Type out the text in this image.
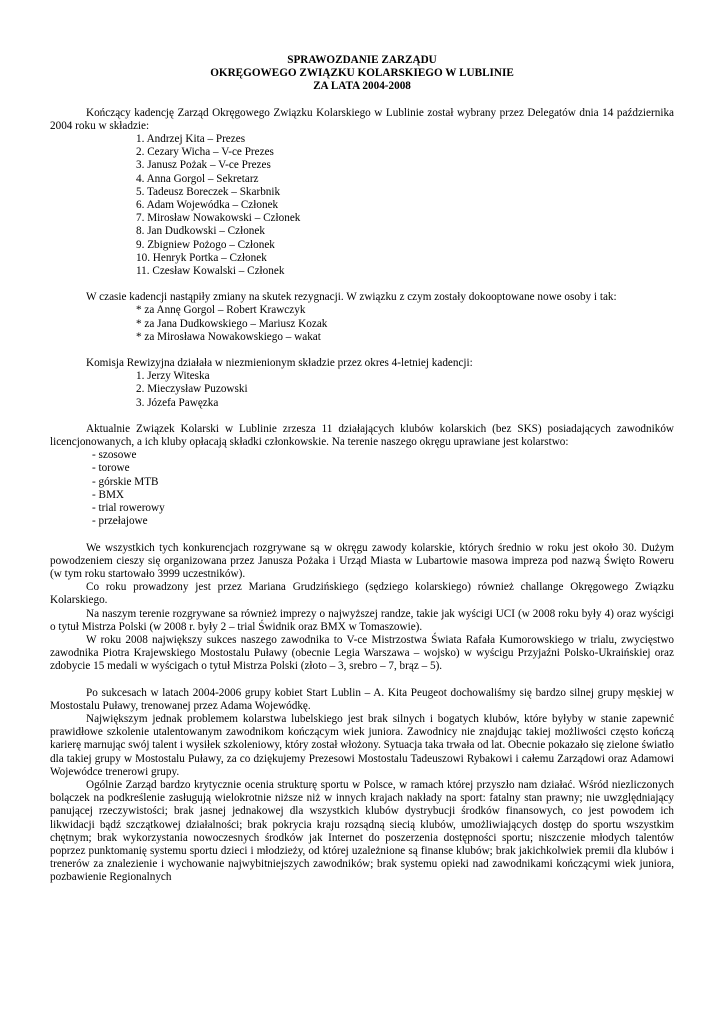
SPRAWOZDANIE ZARZĄDU
OKRĘGOWEGO ZWIĄZKU KOLARSKIEGO W LUBLINIE
ZA LATA 2004-2008

Kończący kadencję Zarząd Okręgowego Związku Kolarskiego w Lublinie został wybrany przez Delegatów dnia 14 października 2004 roku w składzie:

1. Andrzej Kita – Prezes
2. Cezary Wicha – V-ce Prezes
3. Janusz Pożak – V-ce Prezes
4. Anna Gorgol – Sekretarz
5. Tadeusz Boreczek – Skarbnik
6. Adam Wojewódka – Członek
7. Mirosław Nowakowski – Członek
8. Jan Dudkowski – Członek
9. Zbigniew Pożogo – Członek
10. Henryk Portka – Członek
11. Czesław Kowalski – Członek

W czasie kadencji nastąpiły zmiany na skutek rezygnacji. W związku z czym zostały dokooptowane nowe osoby i tak:

* za Annę Gorgol – Robert Krawczyk
* za Jana Dudkowskiego – Mariusz Kozak
* za Mirosława Nowakowskiego – wakat

Komisja Rewizyjna działała w niezmienionym składzie przez okres 4-letniej kadencji:

1. Jerzy Witeska
2. Mieczysław Puzowski
3. Józefa Pawęzka

Aktualnie Związek Kolarski w Lublinie zrzesza 11 działających klubów kolarskich (bez SKS) posiadających zawodników licencjonowanych, a ich kluby opłacają składki członkowskie. Na terenie naszego okręgu uprawiane jest kolarstwo:

- szosowe
- torowe
- górskie MTB
- BMX
- trial rowerowy
- przełajowe

We wszystkich tych konkurencjach rozgrywane są w okręgu zawody kolarskie, których średnio w roku jest około 30. Dużym powodzeniem cieszy się organizowana przez Janusza Pożaka i Urząd Miasta w Lubartowie masowa impreza pod nazwą Święto Roweru (w tym roku startowało 3999 uczestników).

Co roku prowadzony jest przez Mariana Grudzińskiego (sędziego kolarskiego) również challange Okręgowego Związku Kolarskiego.

Na naszym terenie rozgrywane sa również imprezy o najwyższej randze, takie jak wyścigi UCI (w 2008 roku były 4) oraz wyścigi o tytuł Mistrza Polski (w 2008 r. były 2 – trial Świdnik oraz BMX w Tomaszowie).

W roku 2008 największy sukces naszego zawodnika to V-ce Mistrzostwa Świata Rafała Kumorowskiego w trialu, zwycięstwo zawodnika Piotra Krajewskiego Mostostalu Puławy (obecnie Legia Warszawa – wojsko) w wyścigu Przyjaźni Polsko-Ukraińskiej oraz zdobycie 15 medali w wyścigach o tytuł Mistrza Polski (złoto – 3, srebro – 7, brąz – 5).

Po sukcesach w latach 2004-2006 grupy kobiet Start Lublin – A. Kita Peugeot dochowaliśmy się bardzo silnej grupy męskiej w Mostostalu Puławy, trenowanej przez Adama Wojewódkę.

Największym jednak problemem kolarstwa lubelskiego jest brak silnych i bogatych klubów, które byłyby w stanie zapewnić prawidłowe szkolenie utalentowanym zawodnikom kończącym wiek juniora. Zawodnicy nie znajdując takiej możliwości często kończą karierę marnując swój talent i wysiłek szkoleniowy, który został włożony. Sytuacja taka trwała od lat. Obecnie pokazało się zielone światło dla takiej grupy w Mostostalu Puławy, za co dziękujemy Prezesowi Mostostalu Tadeuszowi Rybakowi i całemu Zarządowi oraz Adamowi Wojewódce trenerowi grupy.

Ogólnie Zarząd bardzo krytycznie ocenia strukturę sportu w Polsce, w ramach której przyszło nam działać. Wśród niezliczonych bolączek na podkreślenie zasługują wielokrotnie niższe niż w innych krajach nakłady na sport: fatalny stan prawny; nie uwzględniający panującej rzeczywistości; brak jasnej jednakowej dla wszystkich klubów dystrybucji środków finansowych, co jest powodem ich likwidacji bądź szczątkowej działalności; brak pokrycia kraju rozsądną siecią klubów, umożliwiających dostęp do sportu wszystkim chętnym; brak wykorzystania nowoczesnych środków jak Internet do poszerzenia dostępności sportu; niszczenie młodych talentów poprzez punktomanię systemu sportu dzieci i młodzieży, od której uzależnione są finanse klubów; brak jakichkolwiek premii dla klubów i trenerów za znalezienie i wychowanie najwybitniejszych zawodników; brak systemu opieki nad zawodnikami kończącymi wiek juniora, pozbawienie Regionalnych
